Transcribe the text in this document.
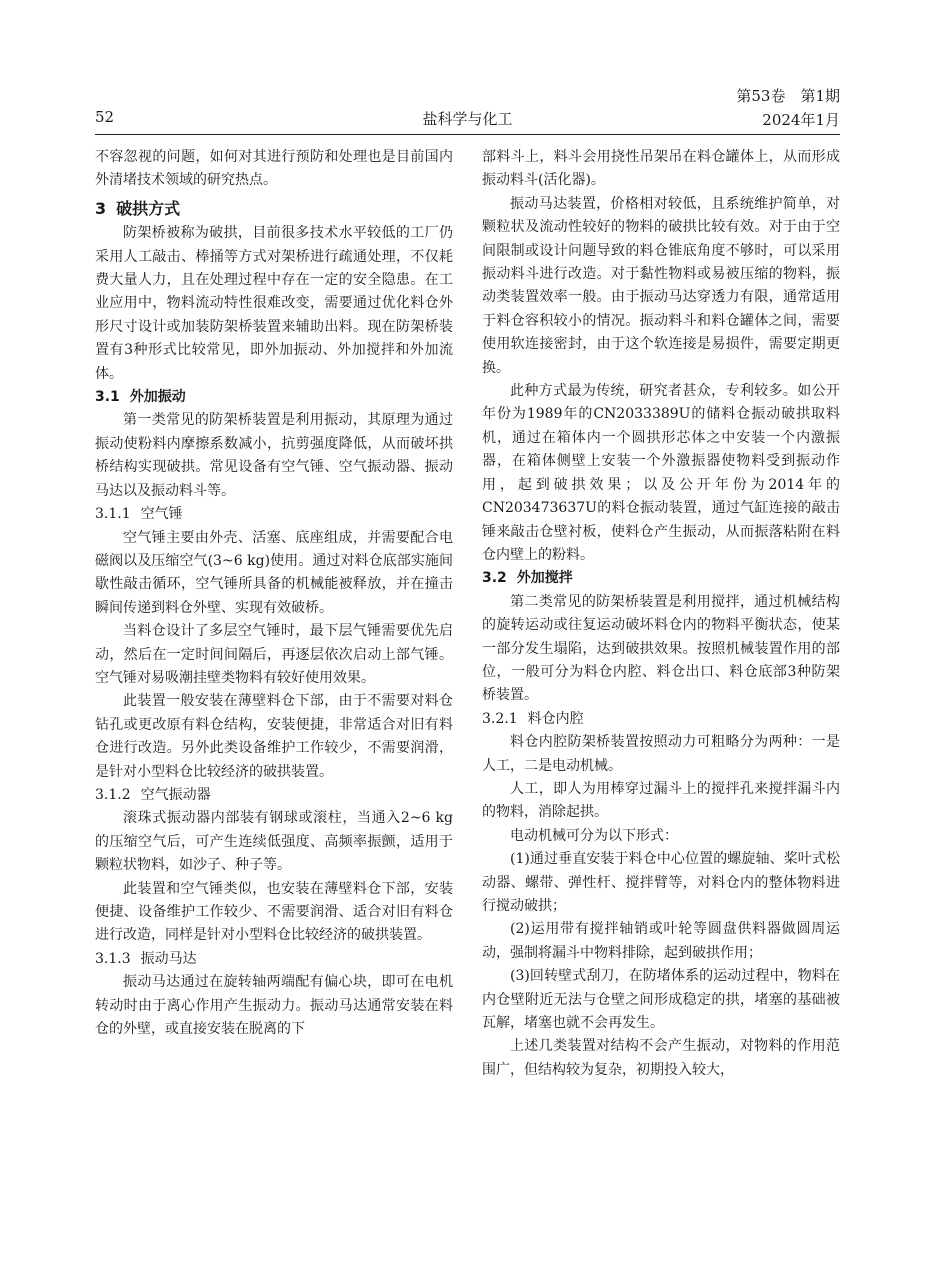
52	盐科学与化工
第53卷　第1期
2024年1月

不容忽视的问题，如何对其进行预防和处理也是目前国内外清堵技术领域的研究热点。

3 破拱方式

防架桥被称为破拱，目前很多技术水平较低的工厂仍采用人工敲击、棒捅等方式对架桥进行疏通处理，不仅耗费大量人力，且在处理过程中存在一定的安全隐患。在工业应用中，物料流动特性很难改变，需要通过优化料仓外形尺寸设计或加装防架桥装置来辅助出料。现在防架桥装置有3种形式比较常见，即外加振动、外加搅拌和外加流体。

3.1 外加振动

第一类常见的防架桥装置是利用振动，其原理为通过振动使粉料内摩擦系数减小，抗剪强度降低，从而破坏拱桥结构实现破拱。常见设备有空气锤、空气振动器、振动马达以及振动料斗等。

3.1.1 空气锤

空气锤主要由外壳、活塞、底座组成，并需要配合电磁阀以及压缩空气(3~6 kg)使用。通过对料仓底部实施间歇性敲击循环，空气锤所具备的机械能被释放，并在撞击瞬间传递到料仓外壁、实现有效破桥。

当料仓设计了多层空气锤时，最下层气锤需要优先启动，然后在一定时间间隔后，再逐层依次启动上部气锤。空气锤对易吸潮挂壁类物料有较好使用效果。

此装置一般安装在薄壁料仓下部，由于不需要对料仓钻孔或更改原有料仓结构，安装便捷，非常适合对旧有料仓进行改造。另外此类设备维护工作较少，不需要润滑，是针对小型料仓比较经济的破拱装置。

3.1.2 空气振动器

滚珠式振动器内部装有钢球或滚柱，当通入2~6 kg的压缩空气后，可产生连续低强度、高频率振颤，适用于颗粒状物料，如沙子、种子等。

此装置和空气锤类似，也安装在薄壁料仓下部，安装便捷、设备维护工作较少、不需要润滑、适合对旧有料仓进行改造，同样是针对小型料仓比较经济的破拱装置。

3.1.3 振动马达

振动马达通过在旋转轴两端配有偏心块，即可在电机转动时由于离心作用产生振动力。振动马达通常安装在料仓的外壁，或直接安装在脱离的下

部料斗上，料斗会用挠性吊架吊在料仓罐体上，从而形成振动料斗(活化器)。

振动马达装置，价格相对较低，且系统维护简单，对颗粒状及流动性较好的物料的破拱比较有效。对于由于空间限制或设计问题导致的料仓锥底角度不够时，可以采用振动料斗进行改造。对于黏性物料或易被压缩的物料，振动类装置效率一般。由于振动马达穿透力有限，通常适用于料仓容积较小的情况。振动料斗和料仓罐体之间，需要使用软连接密封，由于这个软连接是易损件，需要定期更换。

此种方式最为传统，研究者甚众，专利较多。如公开年份为1989年的CN2033389U的储料仓振动破拱取料机，通过在箱体内一个圆拱形芯体之中安装一个内激振器，在箱体侧壁上安装一个外激振器使物料受到振动作用，起到破拱效果；以及公开年份为2014年的CN203473637U的料仓振动装置，通过气缸连接的敲击锤来敲击仓壁衬板，使料仓产生振动，从而振落粘附在料仓内壁上的粉料。

3.2 外加搅拌

第二类常见的防架桥装置是利用搅拌，通过机械结构的旋转运动或往复运动破坏料仓内的物料平衡状态，使某一部分发生塌陷，达到破拱效果。按照机械装置作用的部位，一般可分为料仓内腔、料仓出口、料仓底部3种防架桥装置。

3.2.1 料仓内腔

料仓内腔防架桥装置按照动力可粗略分为两种：一是人工，二是电动机械。

人工，即人为用棒穿过漏斗上的搅拌孔来搅拌漏斗内的物料，消除起拱。

电动机械可分为以下形式：

(1)通过垂直安装于料仓中心位置的螺旋轴、桨叶式松动器、螺带、弹性杆、搅拌臂等，对料仓内的整体物料进行搅动破拱；

(2)运用带有搅拌轴销或叶轮等圆盘供料器做圆周运动，强制将漏斗中物料排除，起到破拱作用；

(3)回转壁式刮刀，在防堵体系的运动过程中，物料在内仓壁附近无法与仓壁之间形成稳定的拱，堵塞的基础被瓦解，堵塞也就不会再发生。

上述几类装置对结构不会产生振动，对物料的作用范围广，但结构较为复杂，初期投入较大，
